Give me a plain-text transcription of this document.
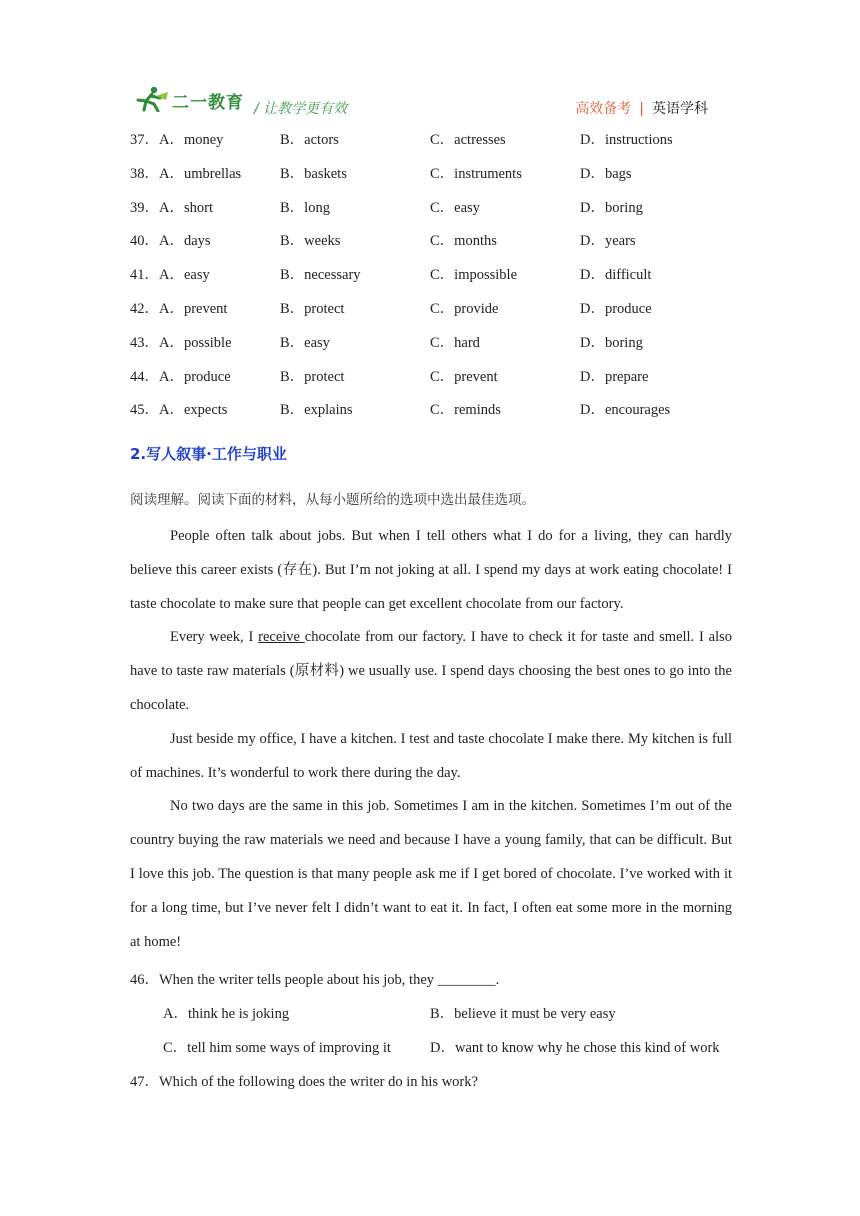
二一教育 / 让教学更有效	高效备考 | 英语学科
37．A．money	B．actors	C．actresses	D．instructions
38．A．umbrellas	B．baskets	C．instruments	D．bags
39．A．short	B．long	C．easy	D．boring
40．A．days	B．weeks	C．months	D．years
41．A．easy	B．necessary	C．impossible	D．difficult
42．A．prevent	B．protect	C．provide	D．produce
43．A．possible	B．easy	C．hard	D．boring
44．A．produce	B．protect	C．prevent	D．prepare
45．A．expects	B．explains	C．reminds	D．encourages
2.写人叙事·工作与职业
阅读理解。阅读下面的材料，从每小题所给的选项中选出最佳选项。

People often talk about jobs. But when I tell others what I do for a living, they can hardly believe this career exists (存在). But I’m not joking at all. I spend my days at work eating chocolate! I taste chocolate to make sure that people can get excellent chocolate from our factory.

Every week, I receive chocolate from our factory. I have to check it for taste and smell. I also have to taste raw materials (原材料) we usually use. I spend days choosing the best ones to go into the chocolate.

Just beside my office, I have a kitchen. I test and taste chocolate I make there. My kitchen is full of machines. It’s wonderful to work there during the day.

No two days are the same in this job. Sometimes I am in the kitchen. Sometimes I’m out of the country buying the raw materials we need and because I have a young family, that can be difficult. But I love this job. The question is that many people ask me if I get bored of chocolate. I’ve worked with it for a long time, but I’ve never felt I didn’t want to eat it. In fact, I often eat some more in the morning at home!

46．When the writer tells people about his job, they ________.
A．think he is joking	B．believe it must be very easy
C．tell him some ways of improving it	D．want to know why he chose this kind of work
47．Which of the following does the writer do in his work?
